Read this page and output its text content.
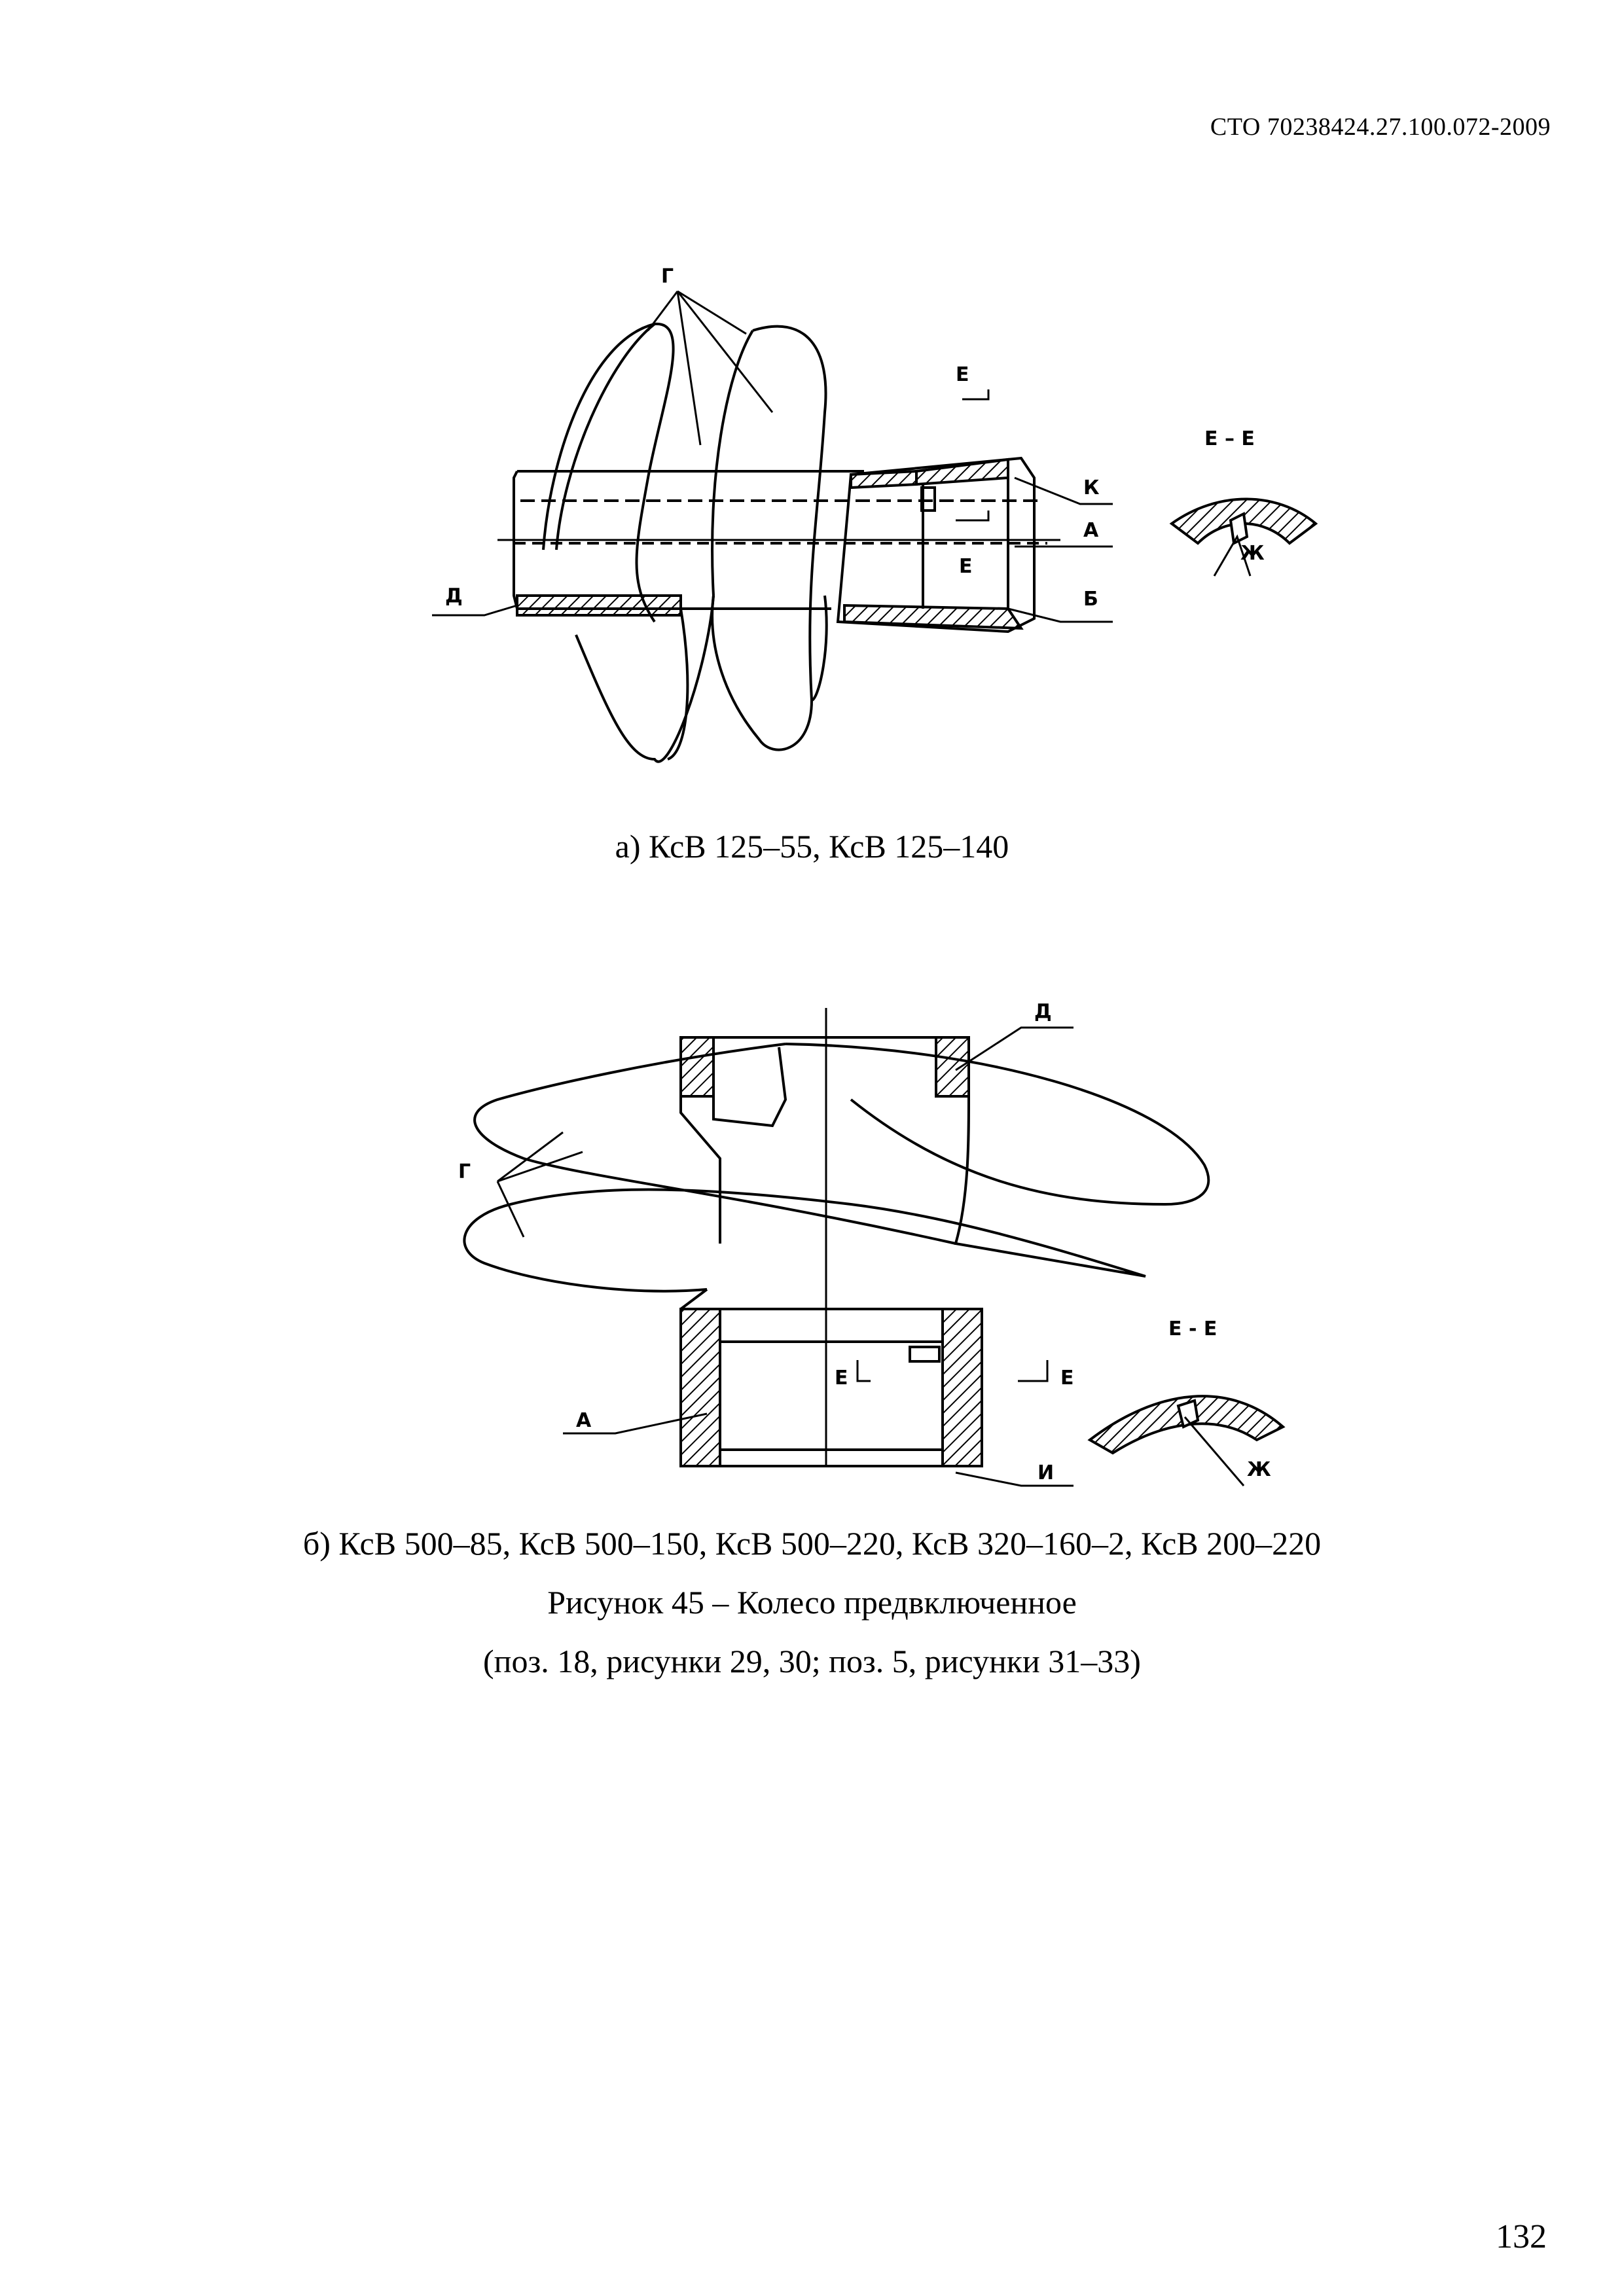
СТО 70238424.27.100.072-2009
Г
Е
Е
Е – Е
К
А
Б
Д
Ж
а) КсВ 125–55, КсВ 125–140
Д
Г
Е	Е
Е - Е
А
И	Ж
б) КсВ 500–85, КсВ 500–150, КсВ 500–220, КсВ 320–160–2, КсВ 200–220
Рисунок 45 – Колесо предвключенное
(поз. 18, рисунки 29, 30; поз. 5, рисунки 31–33)
132
